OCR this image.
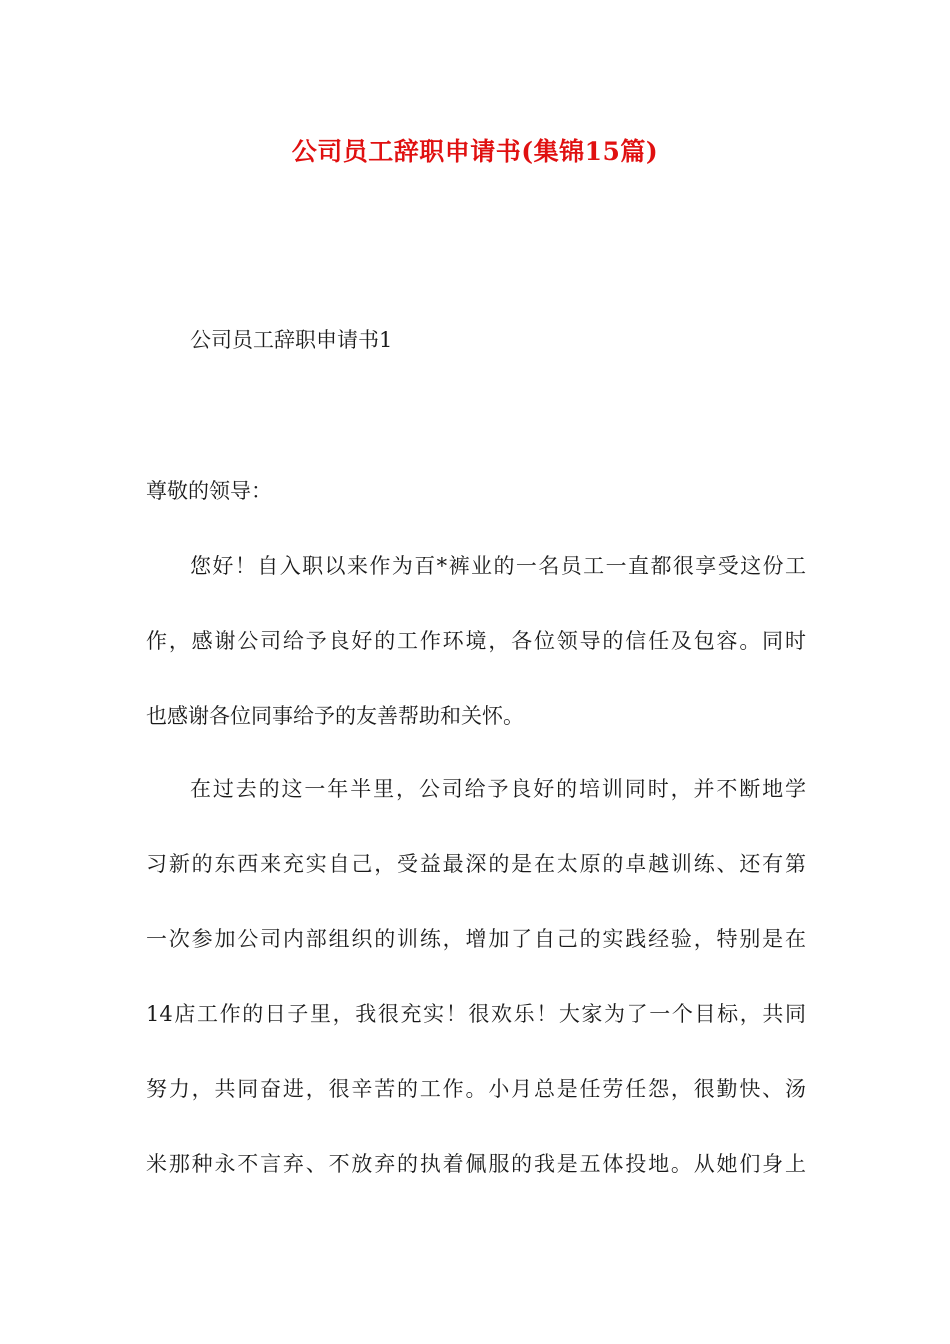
公司员工辞职申请书(集锦15篇)

公司员工辞职申请书1

尊敬的领导：

您好！自入职以来作为百*裤业的一名员工一直都很享受这份工

作，感谢公司给予良好的工作环境，各位领导的信任及包容。同时

也感谢各位同事给予的友善帮助和关怀。

在过去的这一年半里，公司给予良好的培训同时，并不断地学

习新的东西来充实自己，受益最深的是在太原的卓越训练、还有第

一次参加公司内部组织的训练，增加了自己的实践经验，特别是在

14店工作的日子里，我很充实！很欢乐！大家为了一个目标，共同

努力，共同奋进，很辛苦的工作。小月总是任劳任怨，很勤快、汤

米那种永不言弃、不放弃的执着佩服的我是五体投地。从她们身上
